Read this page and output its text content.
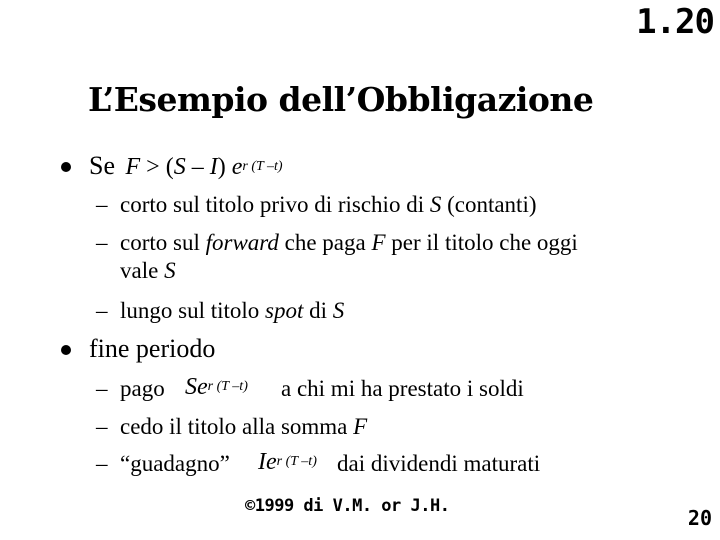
1.20
L’Esempio dell’Obbligazione
Se F > (S – I) $e^{r (T -t)}$
– corto sul titolo privo di rischio di S (contanti)
– corto sul forward che paga F per il titolo che oggi
vale S
– lungo sul titolo spot di S
fine periodo
– pago $Se^{r (T -t)}$ a chi mi ha prestato i soldi
– cedo il titolo alla somma F
– “guadagno” $Ie^{r (T -t)}$ dai dividendi maturati
©1999 di V.M. or J.H.	20
